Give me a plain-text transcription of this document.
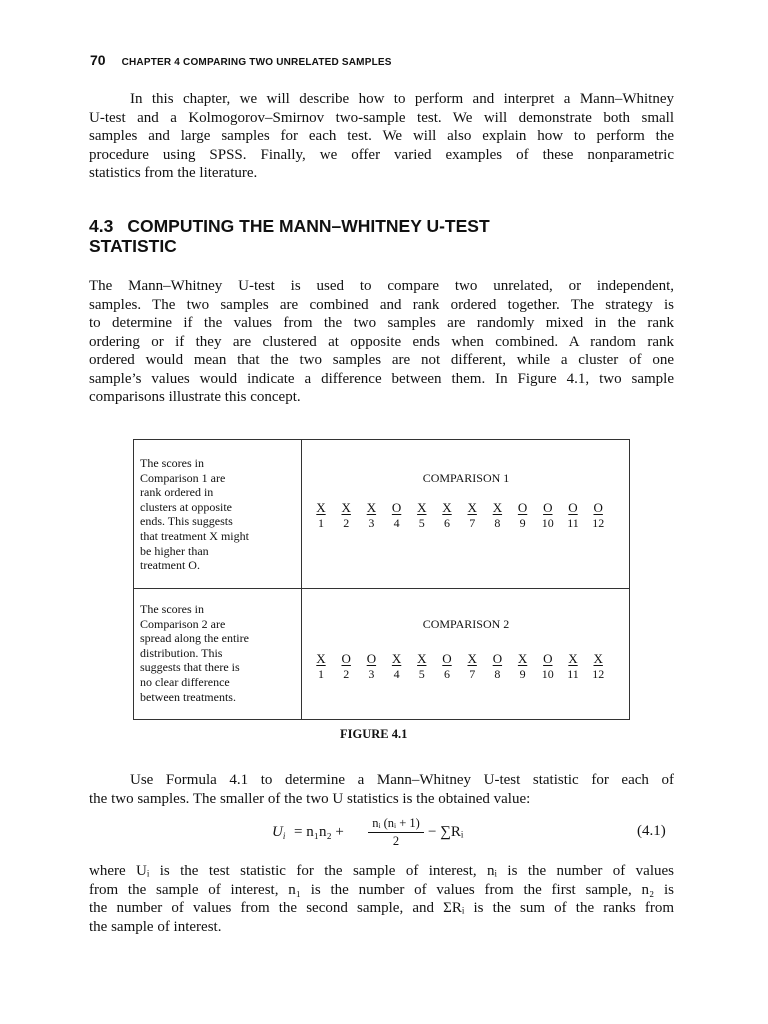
70 CHAPTER 4 COMPARING TWO UNRELATED SAMPLES
In this chapter, we will describe how to perform and interpret a Mann–Whitney
U-test and a Kolmogorov–Smirnov two-sample test. We will demonstrate both small
samples and large samples for each test. We will also explain how to perform the
procedure using SPSS. Finally, we offer varied examples of these nonparametric
statistics from the literature.
4.3 COMPUTING THE MANN–WHITNEY U-TEST
STATISTIC
The Mann–Whitney U-test is used to compare two unrelated, or independent,
samples. The two samples are combined and rank ordered together. The strategy is
to determine if the values from the two samples are randomly mixed in the rank
ordering or if they are clustered at opposite ends when combined. A random rank
ordered would mean that the two samples are not different, while a cluster of one
sample’s values would indicate a difference between them. In Figure 4.1, two sample
comparisons illustrate this concept.
The scores in
Comparison 1 are
rank ordered in
clusters at opposite
ends. This suggests
that treatment X might
be higher than
treatment O.
COMPARISON 1
X	X	X	O	X	X	X	X	O	O	O	O
1	2	3	4	5	6	7	8	9	10	11	12
The scores in
Comparison 2 are
spread along the entire
distribution. This
suggests that there is
no clear difference
between treatments.
COMPARISON 2
X	O	O	X	X	O	X	O	X	O	X	X
1	2	3	4	5	6	7	8	9	10	11	12
FIGURE 4.1
Use Formula 4.1 to determine a Mann–Whitney U-test statistic for each of
the two samples. The smaller of the two U statistics is the obtained value:
$U_i = n_1n_2 + \frac{\text{nᵢ (nᵢ + 1)}}{2}$ − ∑Rᵢ	(4.1)
where Uᵢ is the test statistic for the sample of interest, nᵢ is the number of values
from the sample of interest, n₁ is the number of values from the first sample, n₂ is
the number of values from the second sample, and ΣRᵢ is the sum of the ranks from
the sample of interest.
